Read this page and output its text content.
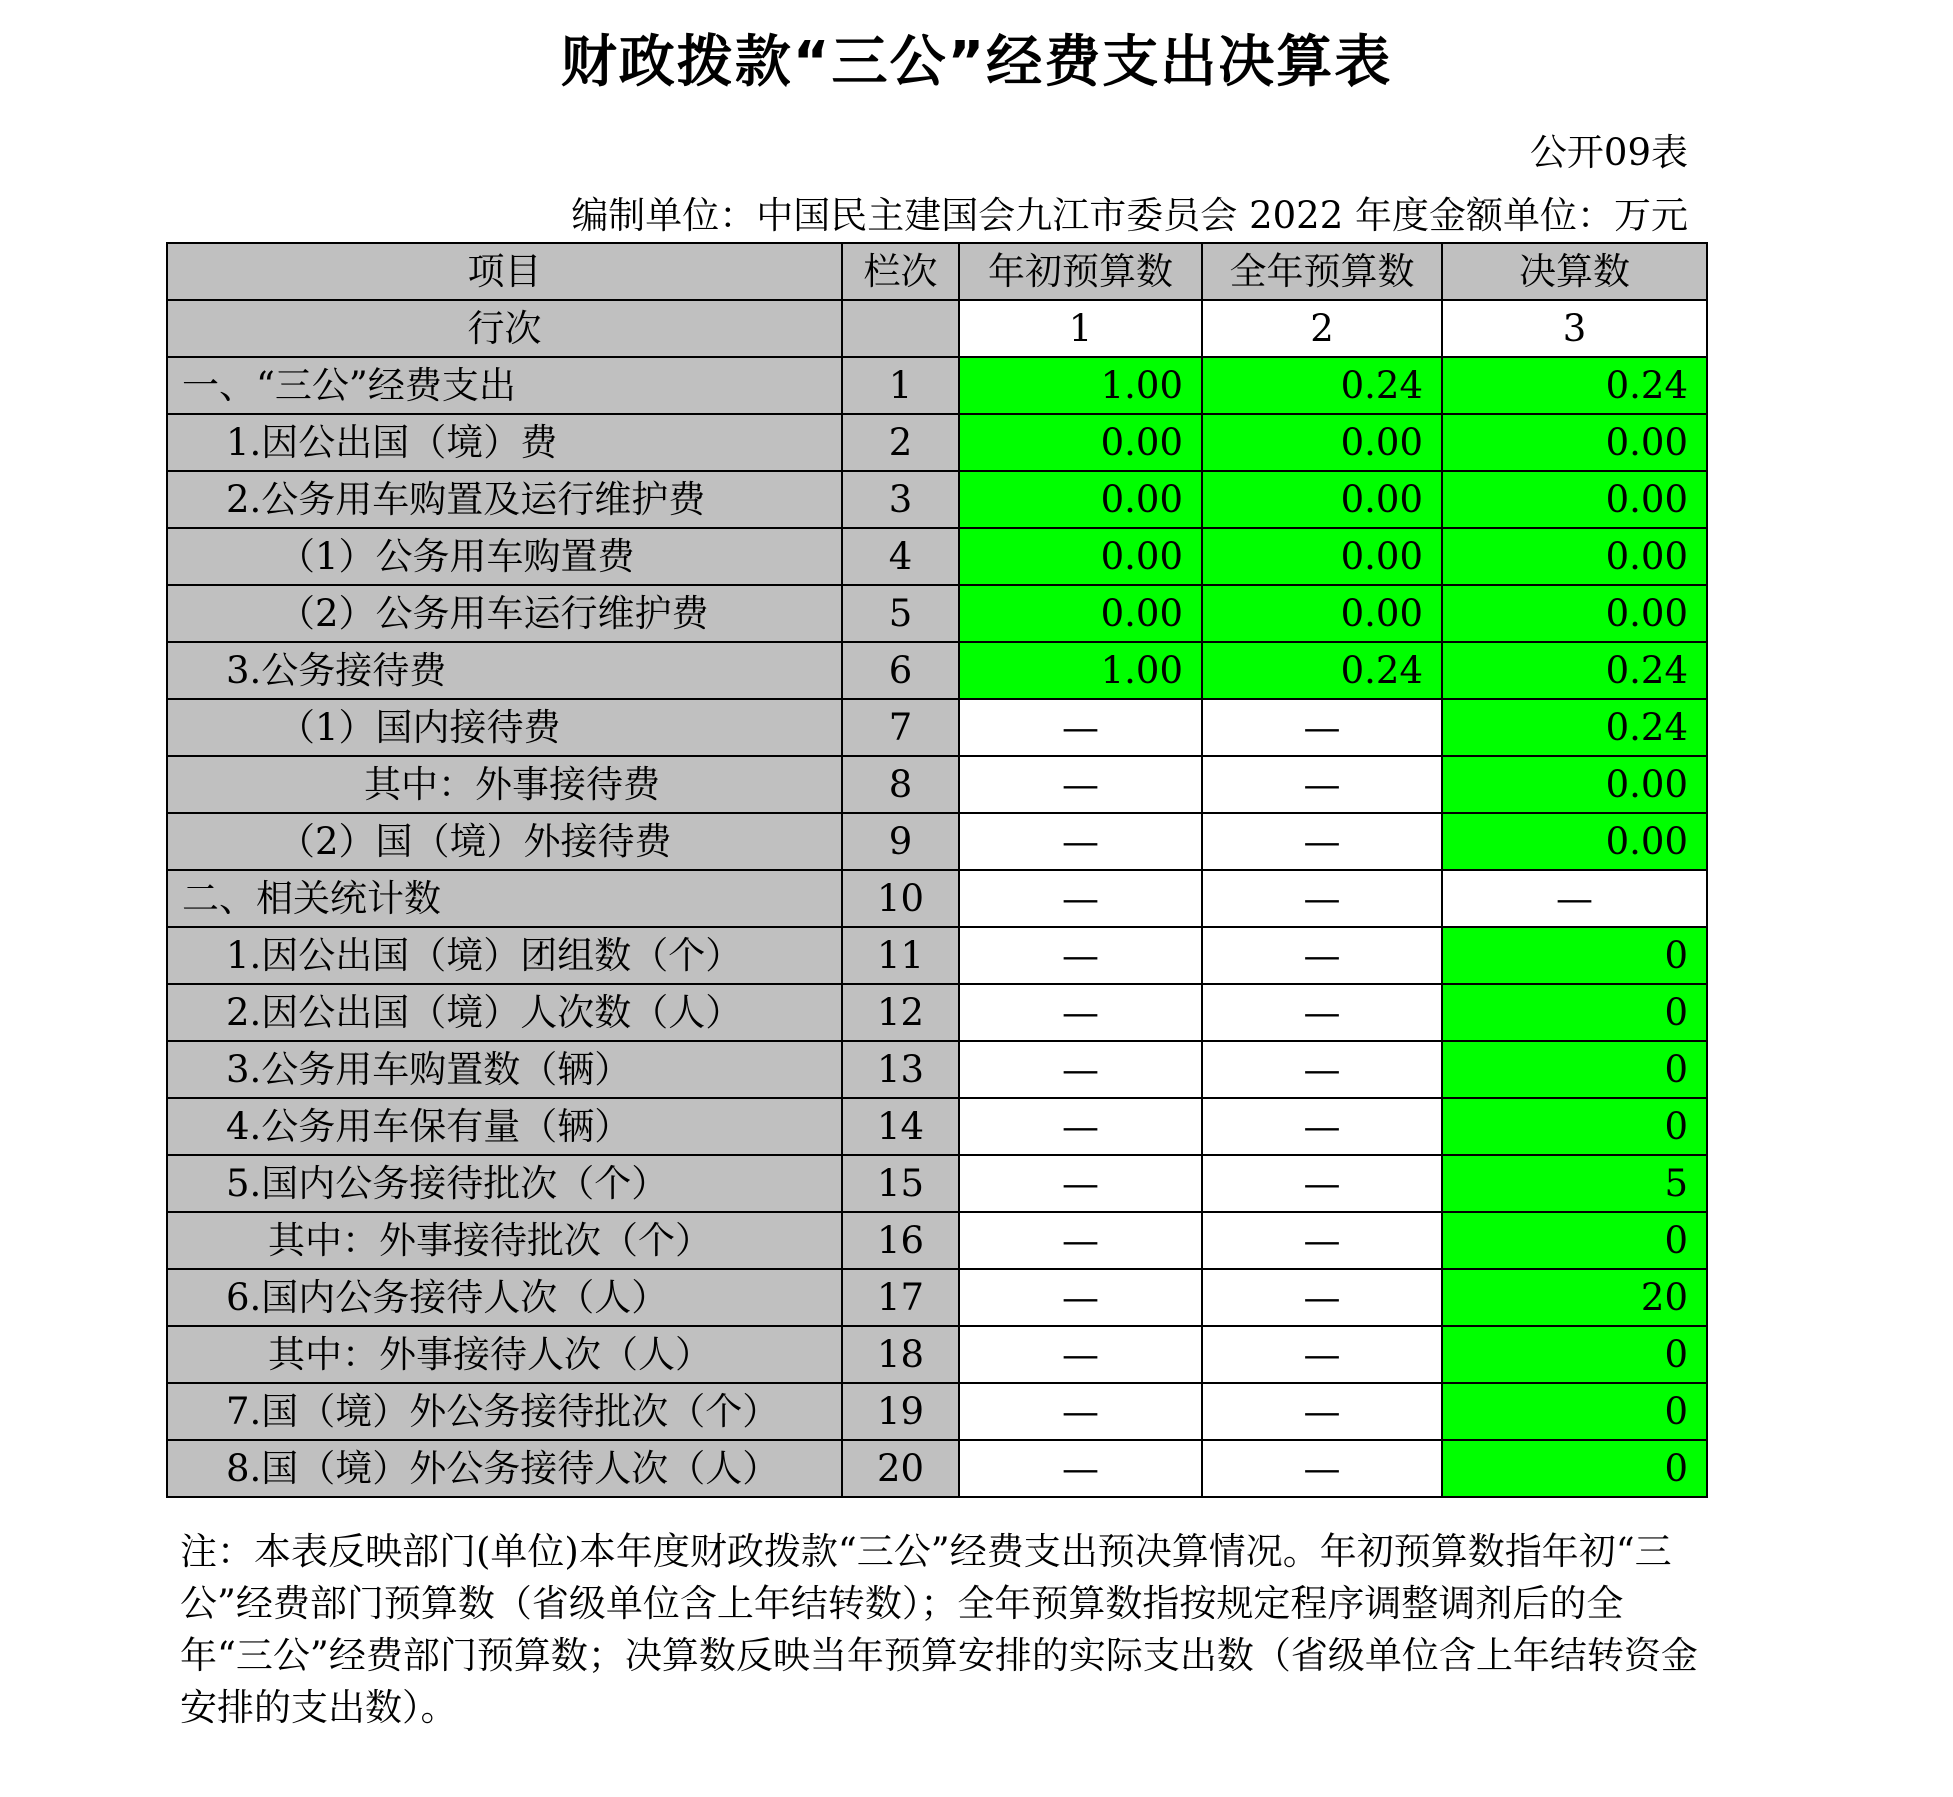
财政拨款“三公”经费支出决算表
公开09表
编制单位：中国民主建国会九江市委员会 2022 年度金额单位：万元
项目	栏次	年初预算数	全年预算数	决算数
行次		1	2	3
一、“三公”经费支出	1	1.00	0.24	0.24
1.因公出国（境）费	2	0.00	0.00	0.00
2.公务用车购置及运行维护费	3	0.00	0.00	0.00
（1）公务用车购置费	4	0.00	0.00	0.00
（2）公务用车运行维护费	5	0.00	0.00	0.00
3.公务接待费	6	1.00	0.24	0.24
（1）国内接待费	7	—	—	0.24
其中：外事接待费	8	—	—	0.00
（2）国（境）外接待费	9	—	—	0.00
二、相关统计数	10	—	—	—
1.因公出国（境）团组数（个）	11	—	—	0
2.因公出国（境）人次数（人）	12	—	—	0
3.公务用车购置数（辆）	13	—	—	0
4.公务用车保有量（辆）	14	—	—	0
5.国内公务接待批次（个）	15	—	—	5
其中：外事接待批次（个）	16	—	—	0
6.国内公务接待人次（人）	17	—	—	20
其中：外事接待人次（人）	18	—	—	0
7.国（境）外公务接待批次（个）	19	—	—	0
8.国（境）外公务接待人次（人）	20	—	—	0
注：本表反映部门(单位)本年度财政拨款“三公”经费支出预决算情况。年初预算数指年初“三公”经费部门预算数（省级单位含上年结转数）；全年预算数指按规定程序调整调剂后的全年“三公”经费部门预算数；决算数反映当年预算安排的实际支出数（省级单位含上年结转资金安排的支出数）。
